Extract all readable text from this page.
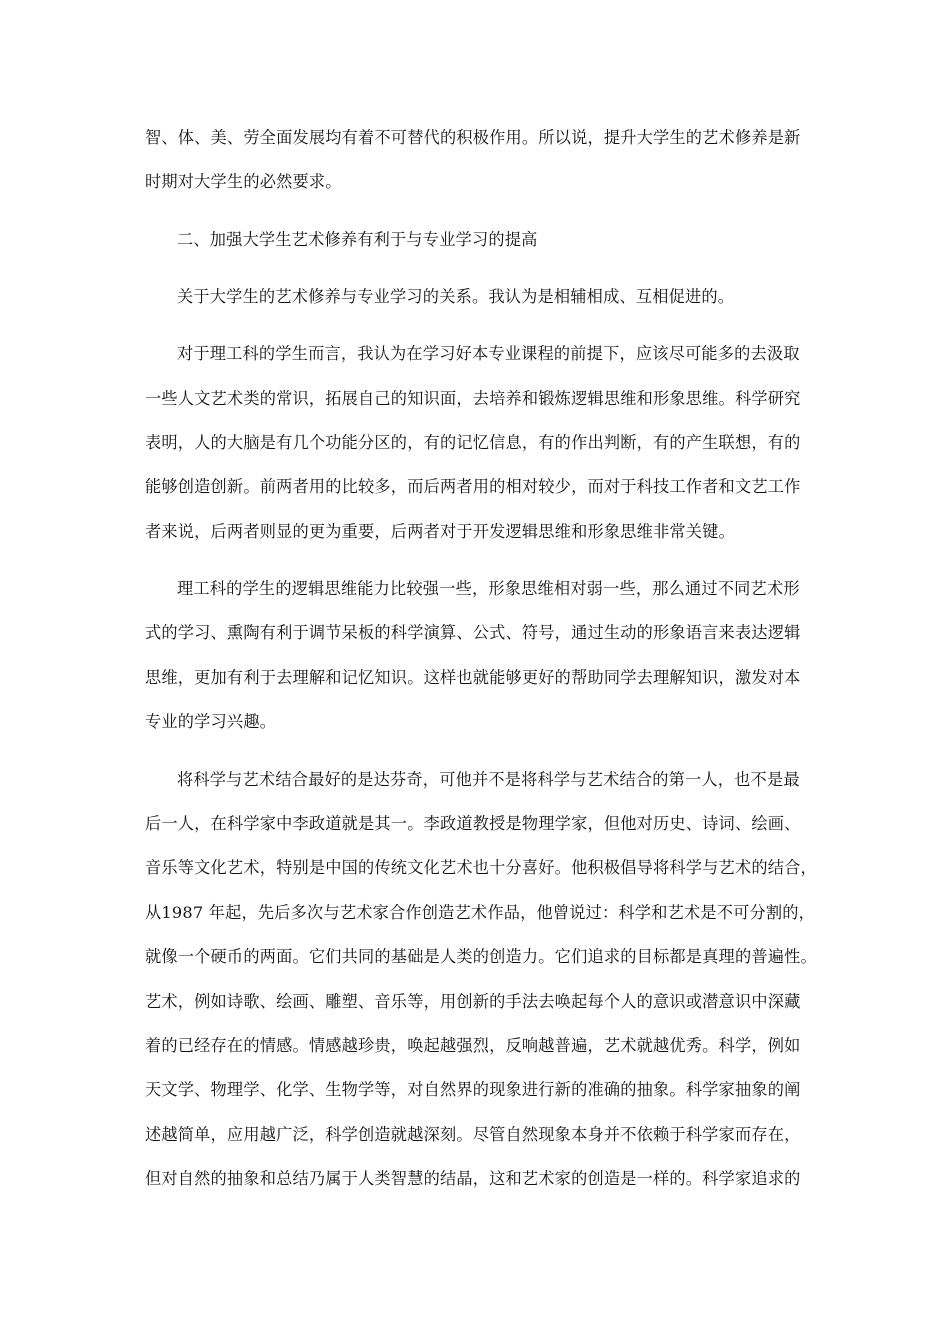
智、体、美、劳全面发展均有着不可替代的积极作用。所以说，提升大学生的艺术修养是新
时期对大学生的必然要求。
二、加强大学生艺术修养有利于与专业学习的提高
关于大学生的艺术修养与专业学习的关系。我认为是相辅相成、互相促进的。
对于理工科的学生而言，我认为在学习好本专业课程的前提下，应该尽可能多的去汲取
一些人文艺术类的常识，拓展自己的知识面，去培养和锻炼逻辑思维和形象思维。科学研究
表明，人的大脑是有几个功能分区的，有的记忆信息，有的作出判断，有的产生联想，有的
能够创造创新。前两者用的比较多，而后两者用的相对较少，而对于科技工作者和文艺工作
者来说，后两者则显的更为重要，后两者对于开发逻辑思维和形象思维非常关键。
理工科的学生的逻辑思维能力比较强一些，形象思维相对弱一些，那么通过不同艺术形
式的学习、熏陶有利于调节呆板的科学演算、公式、符号，通过生动的形象语言来表达逻辑
思维，更加有利于去理解和记忆知识。这样也就能够更好的帮助同学去理解知识，激发对本
专业的学习兴趣。
将科学与艺术结合最好的是达芬奇，可他并不是将科学与艺术结合的第一人，也不是最
后一人，在科学家中李政道就是其一。李政道教授是物理学家，但他对历史、诗词、绘画、
音乐等文化艺术，特别是中国的传统文化艺术也十分喜好。他积极倡导将科学与艺术的结合，
从1987 年起，先后多次与艺术家合作创造艺术作品，他曾说过：科学和艺术是不可分割的，
就像一个硬币的两面。它们共同的基础是人类的创造力。它们追求的目标都是真理的普遍性。
艺术，例如诗歌、绘画、雕塑、音乐等，用创新的手法去唤起每个人的意识或潜意识中深藏
着的已经存在的情感。情感越珍贵，唤起越强烈，反响越普遍，艺术就越优秀。科学，例如
天文学、物理学、化学、生物学等，对自然界的现象进行新的准确的抽象。科学家抽象的阐
述越简单，应用越广泛，科学创造就越深刻。尽管自然现象本身并不依赖于科学家而存在，
但对自然的抽象和总结乃属于人类智慧的结晶，这和艺术家的创造是一样的。科学家追求的
